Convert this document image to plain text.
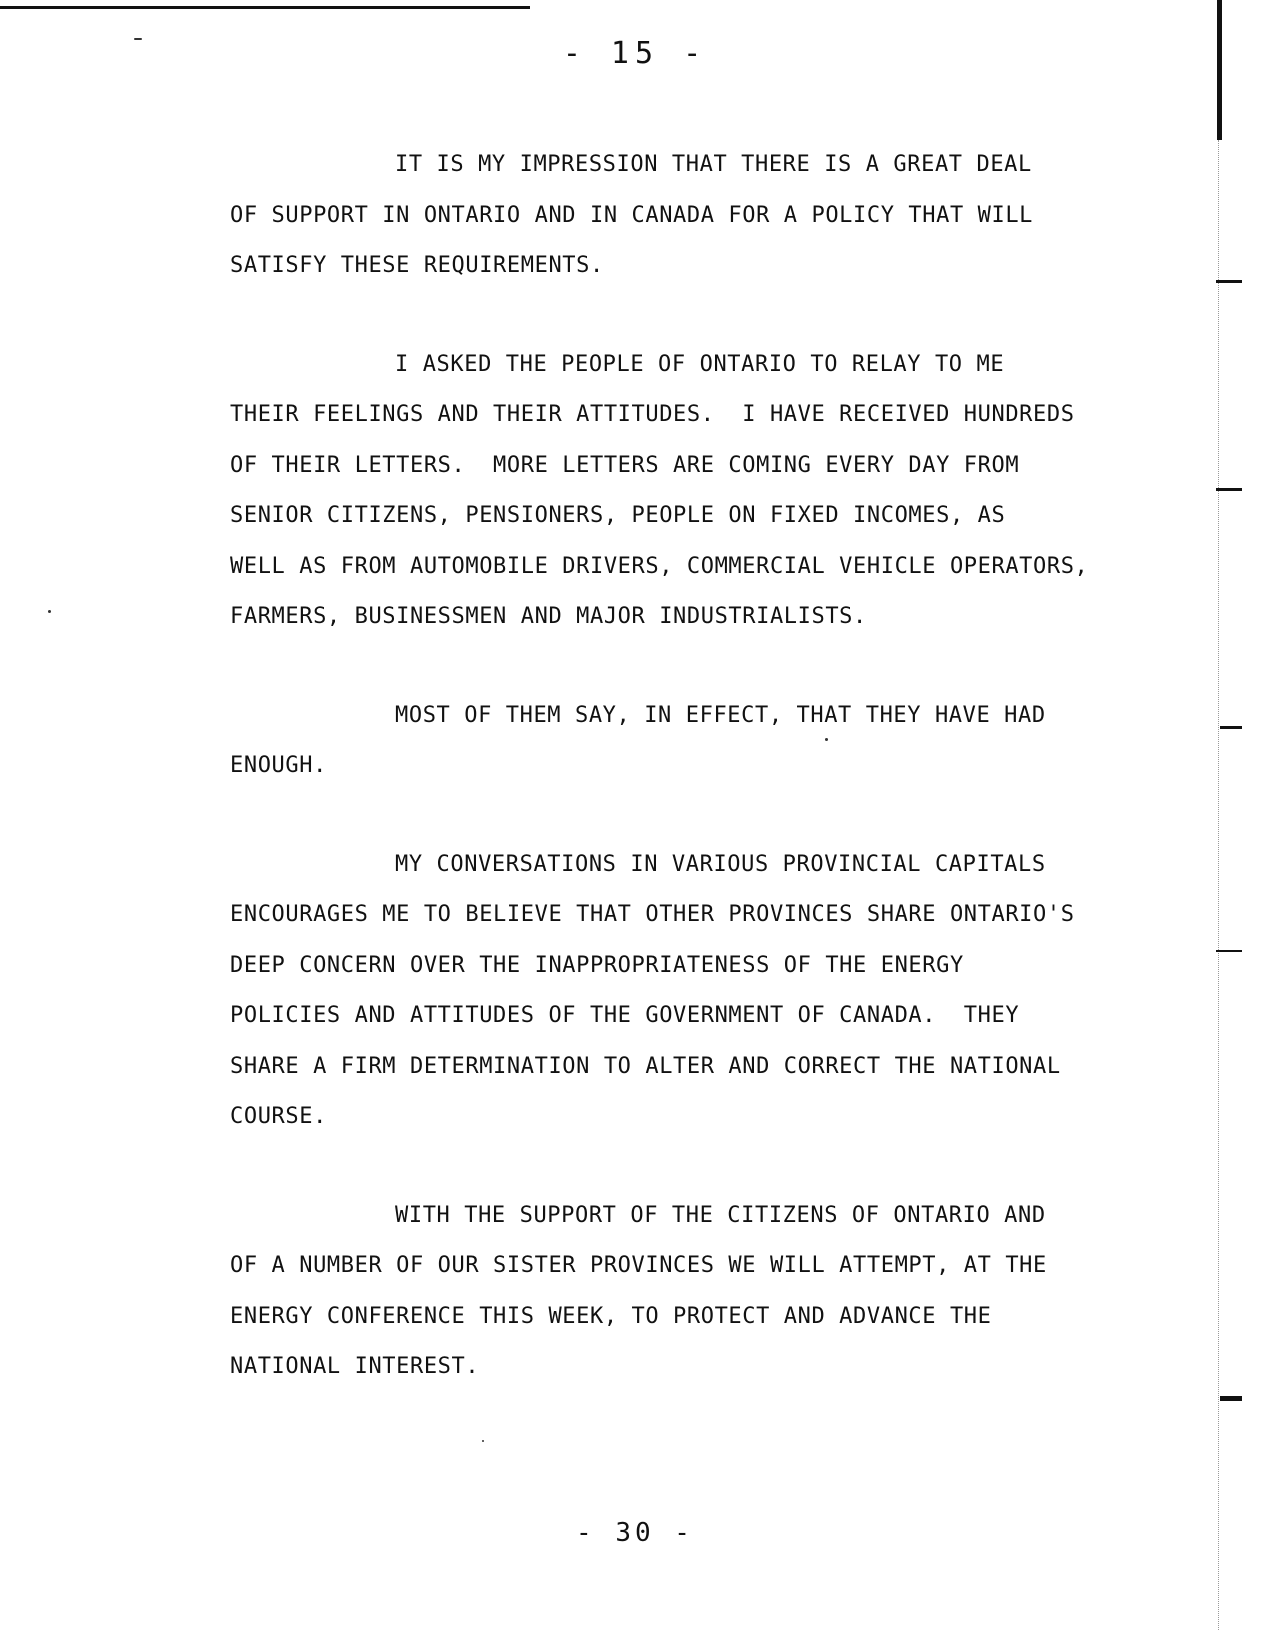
- 15 -
IT IS MY IMPRESSION THAT THERE IS A GREAT DEAL
OF SUPPORT IN ONTARIO AND IN CANADA FOR A POLICY THAT WILL
SATISFY THESE REQUIREMENTS.
I ASKED THE PEOPLE OF ONTARIO TO RELAY TO ME
THEIR FEELINGS AND THEIR ATTITUDES.  I HAVE RECEIVED HUNDREDS
OF THEIR LETTERS.  MORE LETTERS ARE COMING EVERY DAY FROM
SENIOR CITIZENS, PENSIONERS, PEOPLE ON FIXED INCOMES, AS
WELL AS FROM AUTOMOBILE DRIVERS, COMMERCIAL VEHICLE OPERATORS,
FARMERS, BUSINESSMEN AND MAJOR INDUSTRIALISTS.
MOST OF THEM SAY, IN EFFECT, THAT THEY HAVE HAD
ENOUGH.
MY CONVERSATIONS IN VARIOUS PROVINCIAL CAPITALS
ENCOURAGES ME TO BELIEVE THAT OTHER PROVINCES SHARE ONTARIO'S
DEEP CONCERN OVER THE INAPPROPRIATENESS OF THE ENERGY
POLICIES AND ATTITUDES OF THE GOVERNMENT OF CANADA.  THEY
SHARE A FIRM DETERMINATION TO ALTER AND CORRECT THE NATIONAL
COURSE.
WITH THE SUPPORT OF THE CITIZENS OF ONTARIO AND
OF A NUMBER OF OUR SISTER PROVINCES WE WILL ATTEMPT, AT THE
ENERGY CONFERENCE THIS WEEK, TO PROTECT AND ADVANCE THE
NATIONAL INTEREST.
- 30 -
